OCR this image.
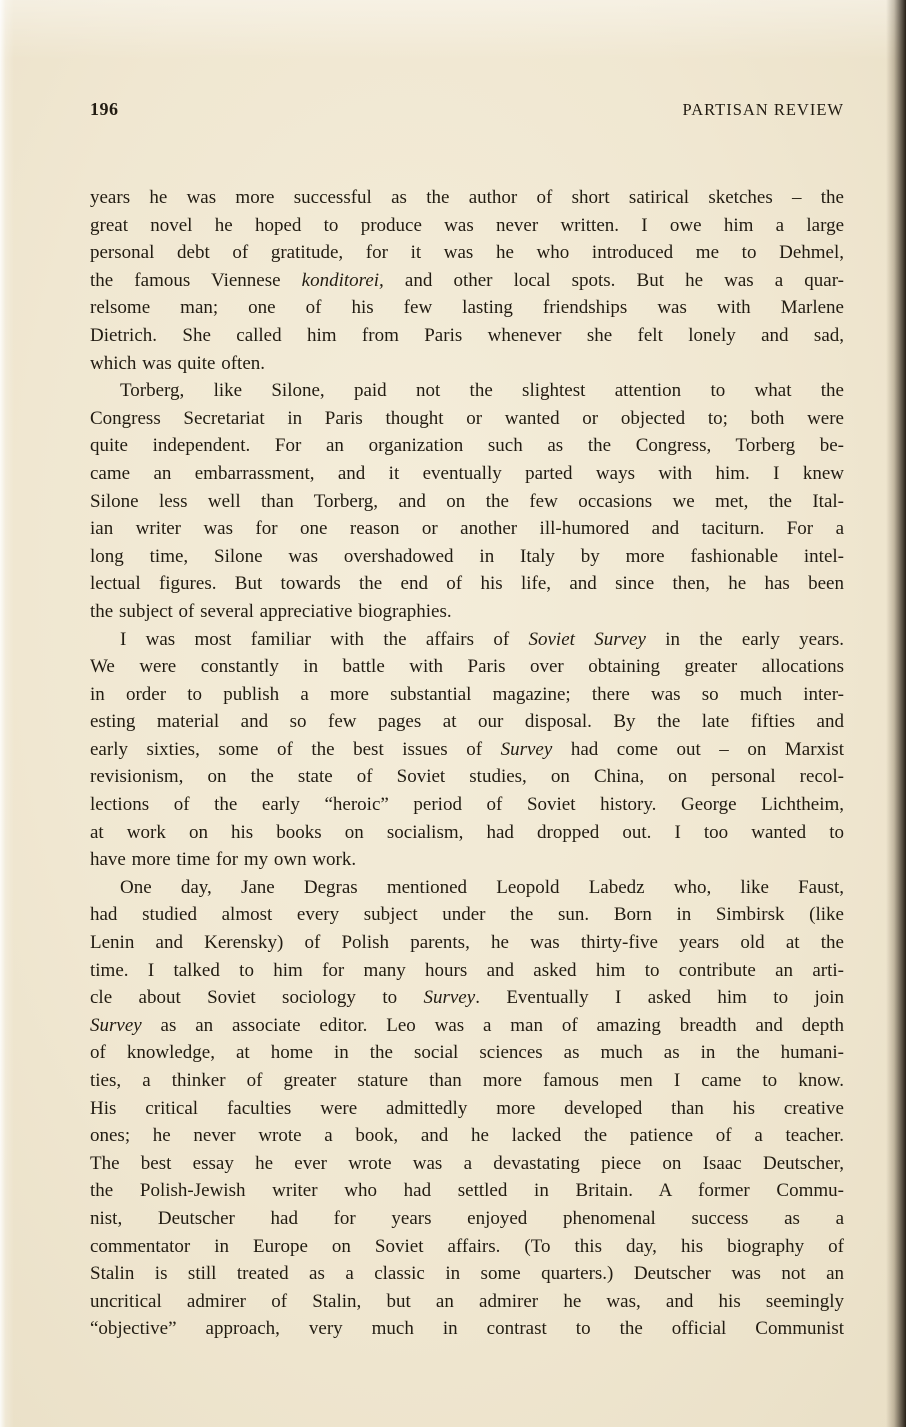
196	PARTISAN REVIEW
years he was more successful as the author of short satirical sketches – the
great novel he hoped to produce was never written. I owe him a large
personal debt of gratitude, for it was he who introduced me to Dehmel,
the famous Viennese konditorei, and other local spots. But he was a quar-
relsome man; one of his few lasting friendships was with Marlene
Dietrich. She called him from Paris whenever she felt lonely and sad,
which was quite often.
Torberg, like Silone, paid not the slightest attention to what the
Congress Secretariat in Paris thought or wanted or objected to; both were
quite independent. For an organization such as the Congress, Torberg be-
came an embarrassment, and it eventually parted ways with him. I knew
Silone less well than Torberg, and on the few occasions we met, the Ital-
ian writer was for one reason or another ill-humored and taciturn. For a
long time, Silone was overshadowed in Italy by more fashionable intel-
lectual figures. But towards the end of his life, and since then, he has been
the subject of several appreciative biographies.
I was most familiar with the affairs of Soviet Survey in the early years.
We were constantly in battle with Paris over obtaining greater allocations
in order to publish a more substantial magazine; there was so much inter-
esting material and so few pages at our disposal. By the late fifties and
early sixties, some of the best issues of Survey had come out – on Marxist
revisionism, on the state of Soviet studies, on China, on personal recol-
lections of the early “heroic” period of Soviet history. George Lichtheim,
at work on his books on socialism, had dropped out. I too wanted to
have more time for my own work.
One day, Jane Degras mentioned Leopold Labedz who, like Faust,
had studied almost every subject under the sun. Born in Simbirsk (like
Lenin and Kerensky) of Polish parents, he was thirty-five years old at the
time. I talked to him for many hours and asked him to contribute an arti-
cle about Soviet sociology to Survey. Eventually I asked him to join
Survey as an associate editor. Leo was a man of amazing breadth and depth
of knowledge, at home in the social sciences as much as in the humani-
ties, a thinker of greater stature than more famous men I came to know.
His critical faculties were admittedly more developed than his creative
ones; he never wrote a book, and he lacked the patience of a teacher.
The best essay he ever wrote was a devastating piece on Isaac Deutscher,
the Polish-Jewish writer who had settled in Britain. A former Commu-
nist, Deutscher had for years enjoyed phenomenal success as a
commentator in Europe on Soviet affairs. (To this day, his biography of
Stalin is still treated as a classic in some quarters.) Deutscher was not an
uncritical admirer of Stalin, but an admirer he was, and his seemingly
“objective” approach, very much in contrast to the official Communist
